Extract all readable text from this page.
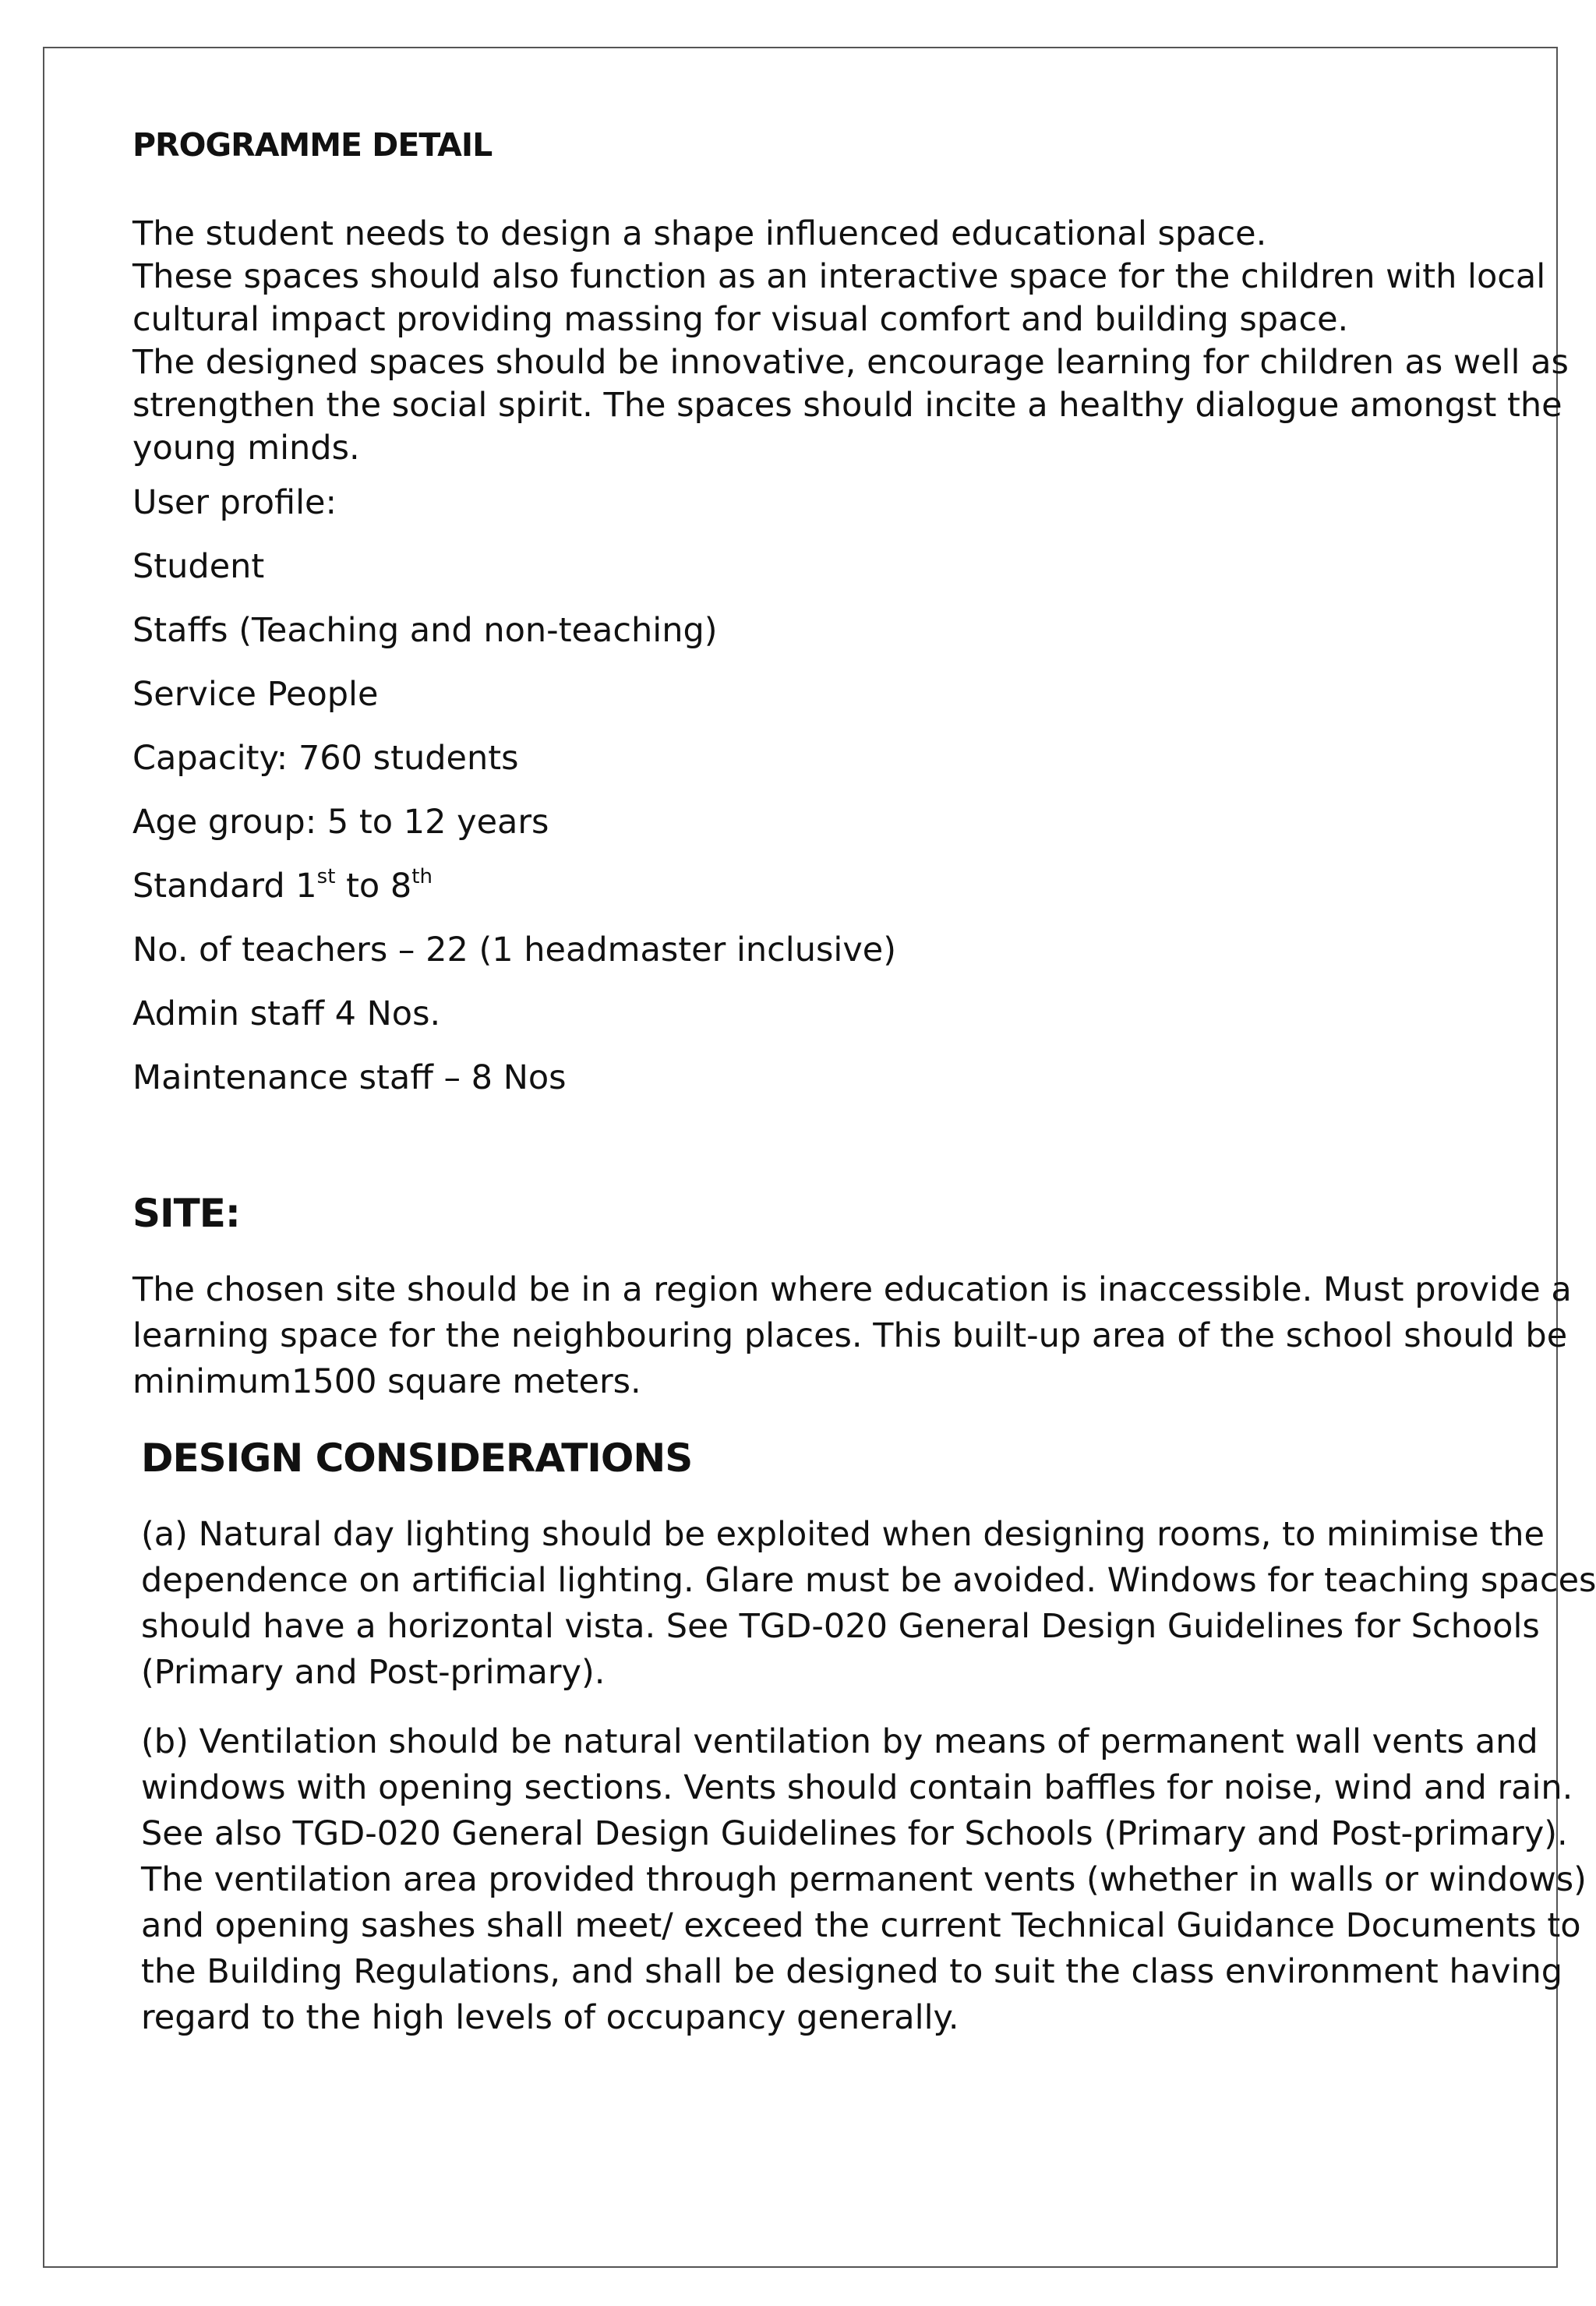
PROGRAMME DETAIL
The student needs to design a shape influenced educational space.
These spaces should also function as an interactive space for the children with local
cultural impact providing massing for visual comfort and building space.
The designed spaces should be innovative, encourage learning for children as well as
strengthen the social spirit. The spaces should incite a healthy dialogue amongst the
young minds.

User profile:

Student

Staffs (Teaching and non-teaching)

Service People

Capacity: 760 students

Age group: 5 to 12 years

Standard 1st to 8th

No. of teachers – 22 (1 headmaster inclusive)

Admin staff 4 Nos.

Maintenance staff – 8 Nos

SITE:
The chosen site should be in a region where education is inaccessible. Must provide a
learning space for the neighbouring places. This built-up area of the school should be
minimum1500 square meters.
DESIGN CONSIDERATIONS
(a) Natural day lighting should be exploited when designing rooms, to minimise the
dependence on artificial lighting. Glare must be avoided. Windows for teaching spaces
should have a horizontal vista. See TGD-020 General Design Guidelines for Schools
(Primary and Post-primary).
(b) Ventilation should be natural ventilation by means of permanent wall vents and
windows with opening sections. Vents should contain baffles for noise, wind and rain.
See also TGD-020 General Design Guidelines for Schools (Primary and Post-primary).
The ventilation area provided through permanent vents (whether in walls or windows)
and opening sashes shall meet/ exceed the current Technical Guidance Documents to
the Building Regulations, and shall be designed to suit the class environment having
regard to the high levels of occupancy generally.
